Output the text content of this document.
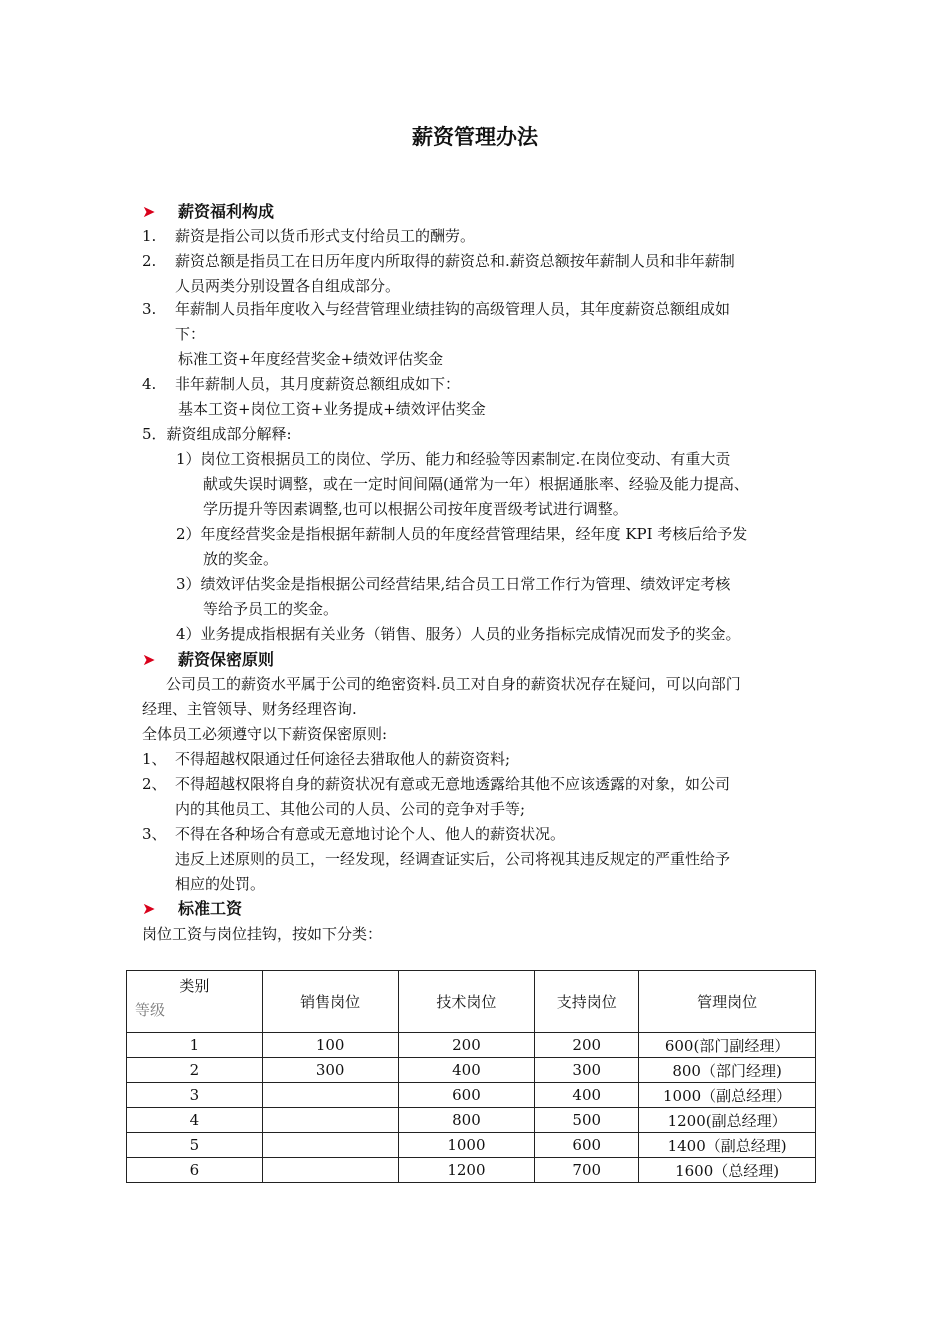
薪资管理办法
➤ 薪资福利构成
1. 薪资是指公司以货币形式支付给员工的酬劳。
2. 薪资总额是指员工在日历年度内所取得的薪资总和.薪资总额按年薪制人员和非年薪制
人员两类分别设置各自组成部分。
3. 年薪制人员指年度收入与经营管理业绩挂钩的高级管理人员，其年度薪资总额组成如
下：
标准工资+年度经营奖金+绩效评估奖金
4. 非年薪制人员，其月度薪资总额组成如下：
基本工资+岗位工资+业务提成+绩效评估奖金
5．薪资组成部分解释:
1）岗位工资根据员工的岗位、学历、能力和经验等因素制定.在岗位变动、有重大贡
献或失误时调整，或在一定时间间隔(通常为一年）根据通胀率、经验及能力提高、
学历提升等因素调整,也可以根据公司按年度晋级考试进行调整。
2）年度经营奖金是指根据年薪制人员的年度经营管理结果，经年度 KPI 考核后给予发
放的奖金。
3）绩效评估奖金是指根据公司经营结果,结合员工日常工作行为管理、绩效评定考核
等给予员工的奖金。
4）业务提成指根据有关业务（销售、服务）人员的业务指标完成情况而发予的奖金。
➤ 薪资保密原则
公司员工的薪资水平属于公司的绝密资料.员工对自身的薪资状况存在疑问，可以向部门
经理、主管领导、财务经理咨询.
全体员工必须遵守以下薪资保密原则:
1、 不得超越权限通过任何途径去猎取他人的薪资资料;
2、 不得超越权限将自身的薪资状况有意或无意地透露给其他不应该透露的对象，如公司
内的其他员工、其他公司的人员、公司的竞争对手等;
3、 不得在各种场合有意或无意地讨论个人、他人的薪资状况。
违反上述原则的员工，一经发现，经调查证实后，公司将视其违反规定的严重性给予
相应的处罚。
➤ 标准工资
岗位工资与岗位挂钩，按如下分类：
类别
等级	销售岗位	技术岗位	支持岗位	管理岗位
1	100	200	200	600(部门副经理）
2	300	400	300	800（部门经理)
3		600	400	1000（副总经理）
4		800	500	1200(副总经理）
5		1000	600	1400（副总经理)
6		1200	700	1600（总经理)
